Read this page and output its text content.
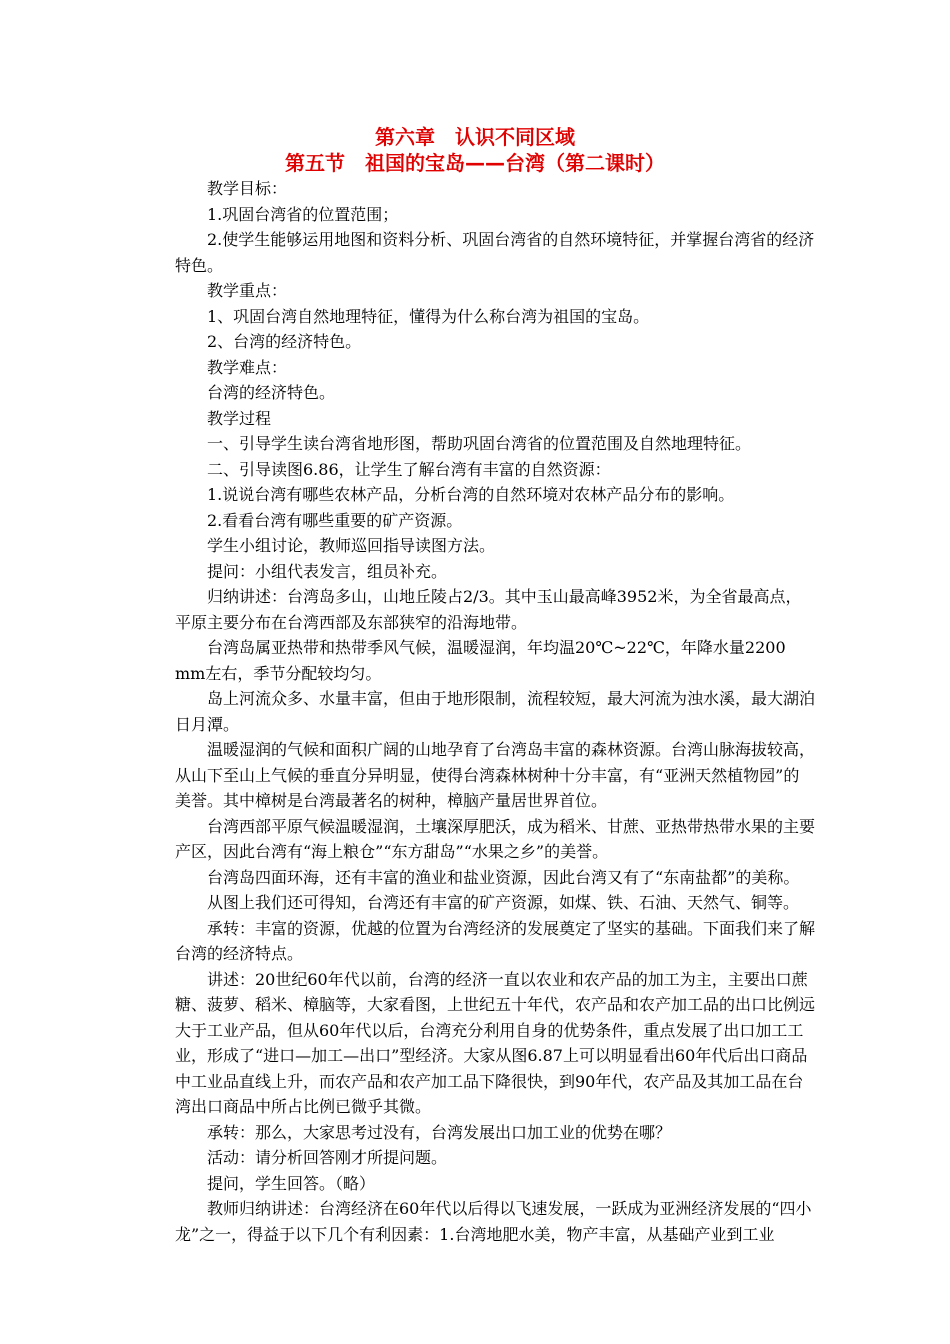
第六章　认识不同区域
第五节　祖国的宝岛——台湾（第二课时）

教学目标：

1.巩固台湾省的位置范围；

2.使学生能够运用地图和资料分析、巩固台湾省的自然环境特征，并掌握台湾省的经济特色。

教学重点：

1、巩固台湾自然地理特征，懂得为什么称台湾为祖国的宝岛。

2、台湾的经济特色。

教学难点：

台湾的经济特色。

教学过程

一、引导学生读台湾省地形图，帮助巩固台湾省的位置范围及自然地理特征。

二、引导读图6.86，让学生了解台湾有丰富的自然资源：

1.说说台湾有哪些农林产品，分析台湾的自然环境对农林产品分布的影响。

2.看看台湾有哪些重要的矿产资源。

学生小组讨论，教师巡回指导读图方法。

提问：小组代表发言，组员补充。

归纳讲述：台湾岛多山，山地丘陵占2/3。其中玉山最高峰3952米，为全省最高点，平原主要分布在台湾西部及东部狭窄的沿海地带。

台湾岛属亚热带和热带季风气候，温暖湿润，年均温20℃~22℃，年降水量2200 mm左右，季节分配较均匀。

岛上河流众多、水量丰富，但由于地形限制，流程较短，最大河流为浊水溪，最大湖泊日月潭。

温暖湿润的气候和面积广阔的山地孕育了台湾岛丰富的森林资源。台湾山脉海拔较高，从山下至山上气候的垂直分异明显，使得台湾森林树种十分丰富，有“亚洲天然植物园”的美誉。其中樟树是台湾最著名的树种，樟脑产量居世界首位。

台湾西部平原气候温暖湿润，土壤深厚肥沃，成为稻米、甘蔗、亚热带热带水果的主要产区，因此台湾有“海上粮仓”“东方甜岛”“水果之乡”的美誉。

台湾岛四面环海，还有丰富的渔业和盐业资源，因此台湾又有了“东南盐都”的美称。

从图上我们还可得知，台湾还有丰富的矿产资源，如煤、铁、石油、天然气、铜等。

承转：丰富的资源，优越的位置为台湾经济的发展奠定了坚实的基础。下面我们来了解台湾的经济特点。

讲述：20世纪60年代以前，台湾的经济一直以农业和农产品的加工为主，主要出口蔗糖、菠萝、稻米、樟脑等，大家看图，上世纪五十年代，农产品和农产加工品的出口比例远大于工业产品，但从60年代以后，台湾充分利用自身的优势条件，重点发展了出口加工工业，形成了“进口—加工—出口”型经济。大家从图6.87上可以明显看出60年代后出口商品中工业品直线上升，而农产品和农产加工品下降很快，到90年代，农产品及其加工品在台湾出口商品中所占比例已微乎其微。

承转：那么，大家思考过没有，台湾发展出口加工业的优势在哪？

活动：请分析回答刚才所提问题。

提问，学生回答。（略）

教师归纳讲述：台湾经济在60年代以后得以飞速发展，一跃成为亚洲经济发展的“四小龙”之一，得益于以下几个有利因素：1.台湾地肥水美，物产丰富，从基础产业到工业
